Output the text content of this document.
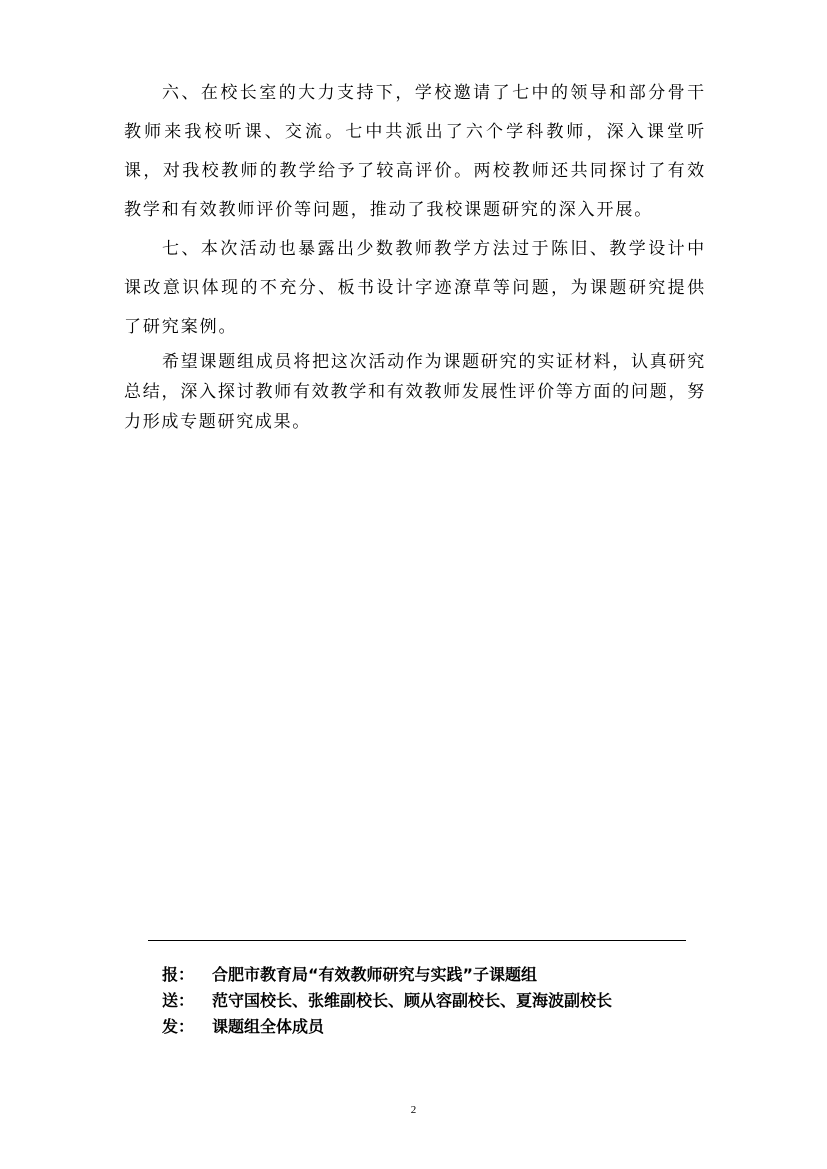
六、在校长室的大力支持下，学校邀请了七中的领导和部分骨干教师来我校听课、交流。七中共派出了六个学科教师，深入课堂听课，对我校教师的教学给予了较高评价。两校教师还共同探讨了有效教学和有效教师评价等问题，推动了我校课题研究的深入开展。

七、本次活动也暴露出少数教师教学方法过于陈旧、教学设计中课改意识体现的不充分、板书设计字迹潦草等问题，为课题研究提供了研究案例。

希望课题组成员将把这次活动作为课题研究的实证材料，认真研究总结，深入探讨教师有效教学和有效教师发展性评价等方面的问题，努力形成专题研究成果。

报：	合肥市教育局“有效教师研究与实践”子课题组
送：	范守国校长、张维副校长、顾从容副校长、夏海波副校长
发：	课题组全体成员
2
